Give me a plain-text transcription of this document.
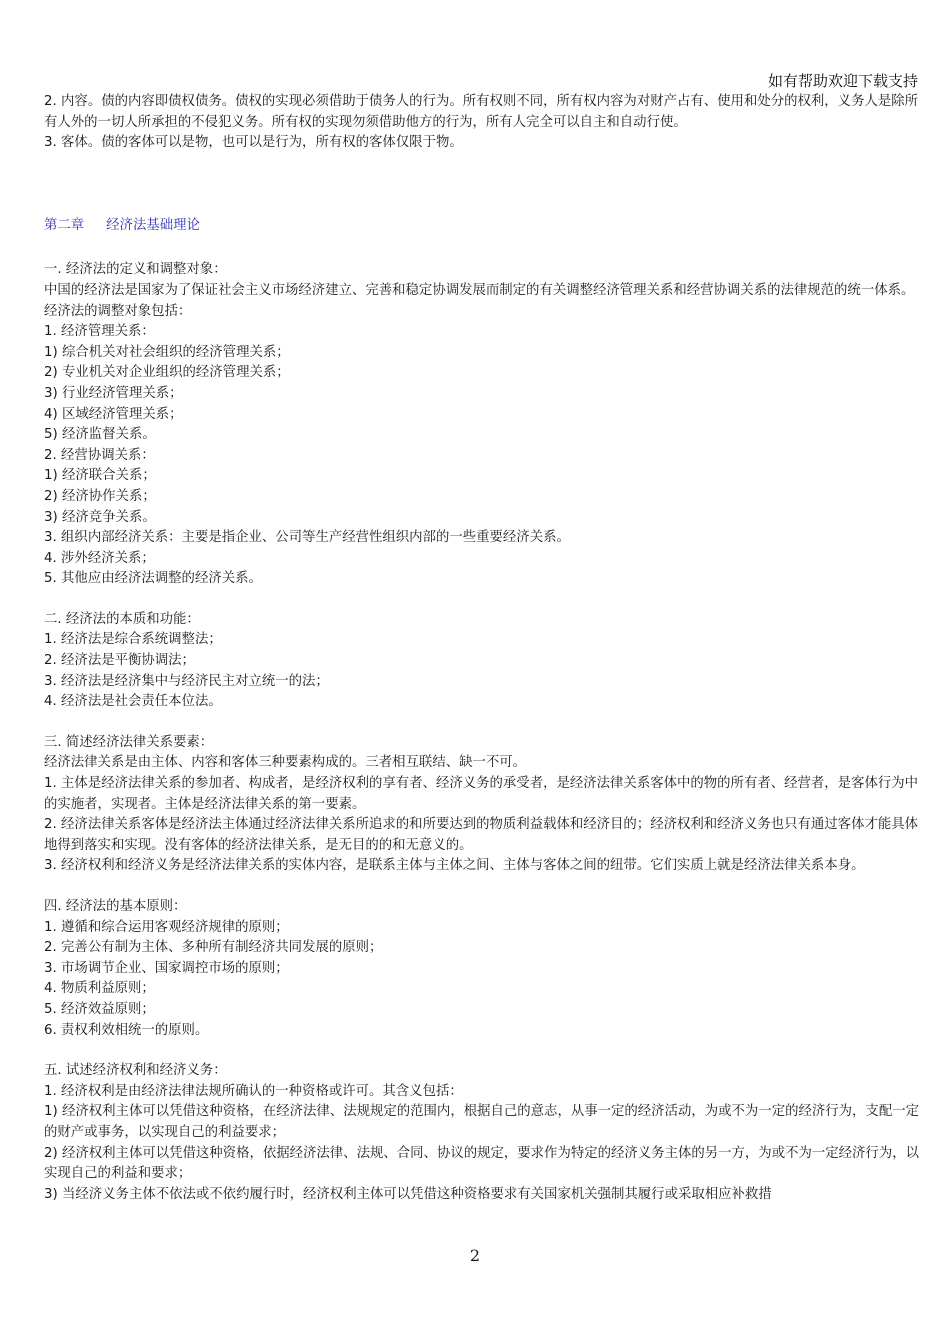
如有帮助欢迎下载支持

2. 内容。债的内容即债权债务。债权的实现必须借助于债务人的行为。所有权则不同，所有权内容为对财产占有、使用和处分的权利，义务人是除所有人外的一切人所承担的不侵犯义务。所有权的实现勿须借助他方的行为，所有人完全可以自主和自动行使。

3. 客体。债的客体可以是物，也可以是行为，所有权的客体仅限于物。

第二章 经济法基础理论

一. 经济法的定义和调整对象：

中国的经济法是国家为了保证社会主义市场经济建立、完善和稳定协调发展而制定的有关调整经济管理关系和经营协调关系的法律规范的统一体系。经济法的调整对象包括：

1. 经济管理关系：

1) 综合机关对社会组织的经济管理关系；

2) 专业机关对企业组织的经济管理关系；

3) 行业经济管理关系；

4) 区域经济管理关系；

5) 经济监督关系。

2. 经营协调关系：

1) 经济联合关系；

2) 经济协作关系；

3) 经济竞争关系。

3. 组织内部经济关系：主要是指企业、公司等生产经营性组织内部的一些重要经济关系。

4. 涉外经济关系；

5. 其他应由经济法调整的经济关系。

二. 经济法的本质和功能：

1. 经济法是综合系统调整法；

2. 经济法是平衡协调法；

3. 经济法是经济集中与经济民主对立统一的法；

4. 经济法是社会责任本位法。

三. 简述经济法律关系要素：

经济法律关系是由主体、内容和客体三种要素构成的。三者相互联结、缺一不可。

1. 主体是经济法律关系的参加者、构成者，是经济权利的享有者、经济义务的承受者，是经济法律关系客体中的物的所有者、经营者，是客体行为中的实施者，实现者。主体是经济法律关系的第一要素。

2. 经济法律关系客体是经济法主体通过经济法律关系所追求的和所要达到的物质利益载体和经济目的；经济权利和经济义务也只有通过客体才能具体地得到落实和实现。没有客体的经济法律关系，是无目的的和无意义的。

3. 经济权利和经济义务是经济法律关系的实体内容，是联系主体与主体之间、主体与客体之间的纽带。它们实质上就是经济法律关系本身。

四. 经济法的基本原则：

1. 遵循和综合运用客观经济规律的原则；

2. 完善公有制为主体、多种所有制经济共同发展的原则；

3. 市场调节企业、国家调控市场的原则；

4. 物质利益原则；

5. 经济效益原则；

6. 责权利效相统一的原则。

五. 试述经济权利和经济义务：

1. 经济权利是由经济法律法规所确认的一种资格或许可。其含义包括：

1) 经济权利主体可以凭借这种资格，在经济法律、法规规定的范围内，根据自己的意志，从事一定的经济活动，为或不为一定的经济行为，支配一定的财产或事务，以实现自己的利益要求；

2) 经济权利主体可以凭借这种资格，依据经济法律、法规、合同、协议的规定，要求作为特定的经济义务主体的另一方，为或不为一定经济行为，以实现自己的利益和要求；

3) 当经济义务主体不依法或不依约履行时，经济权利主体可以凭借这种资格要求有关国家机关强制其履行或采取相应补救措

2
